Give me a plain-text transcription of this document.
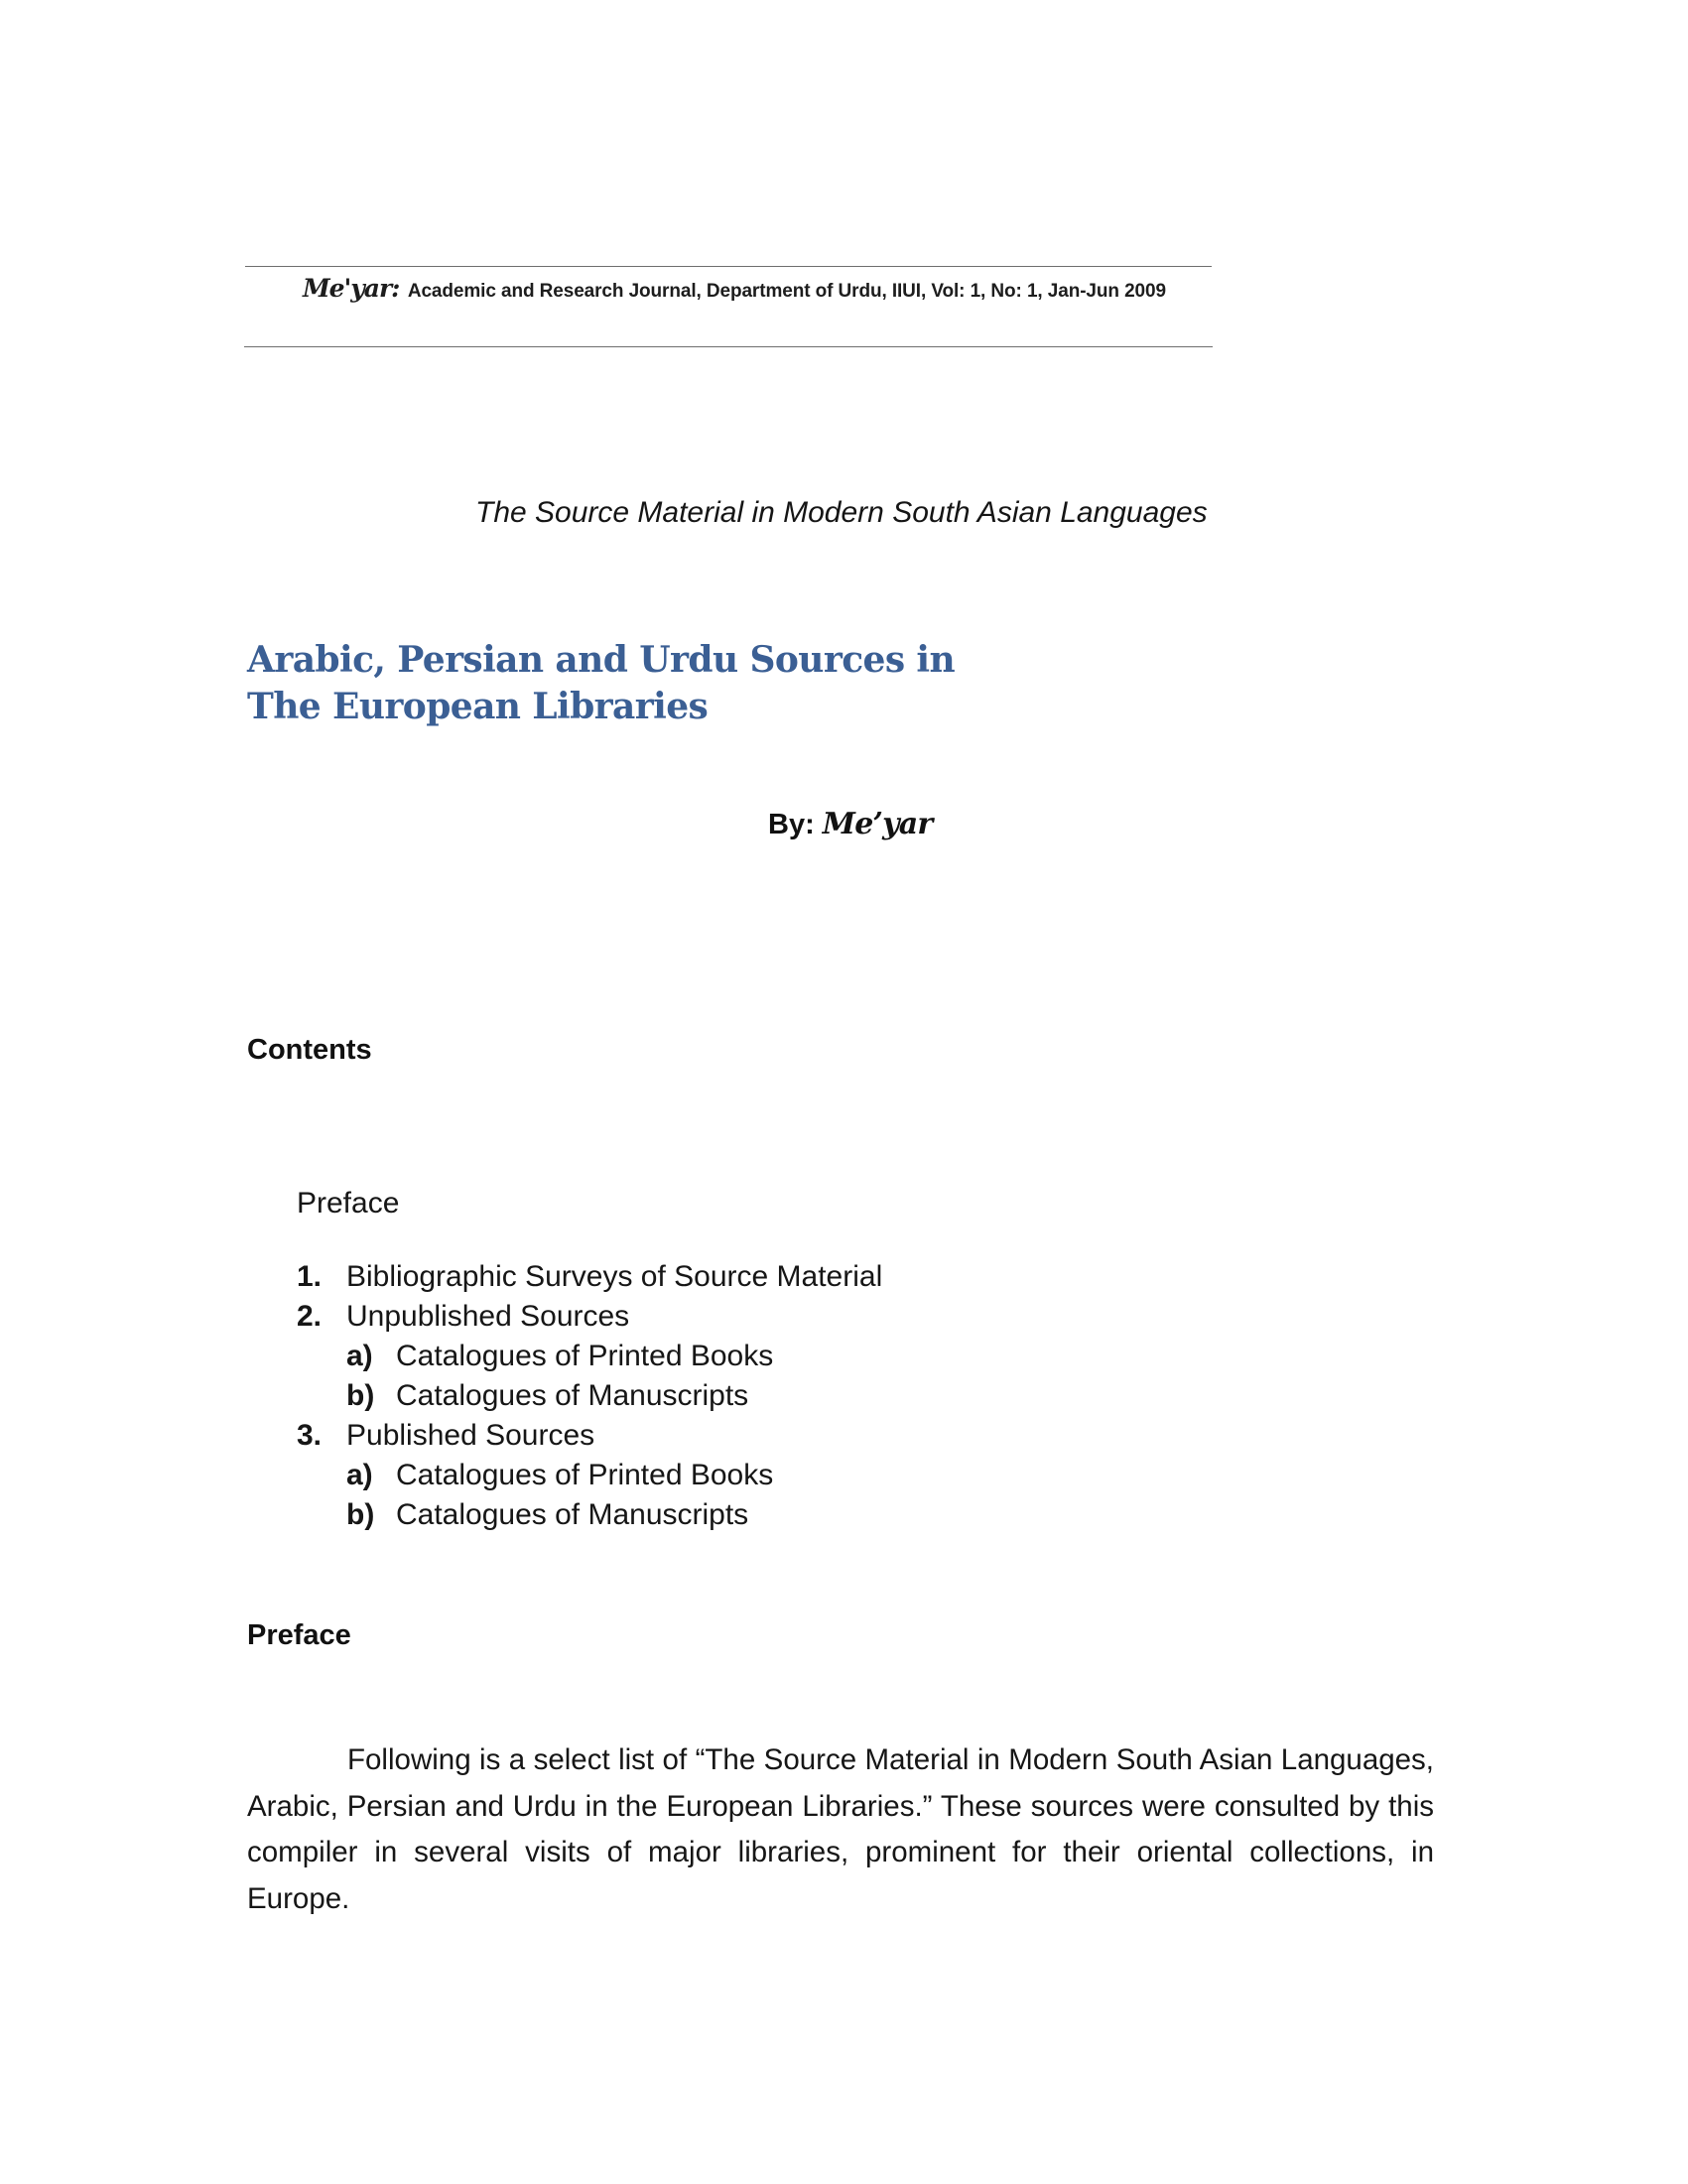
Me'yar: Academic and Research Journal, Department of Urdu, IIUI, Vol: 1, No: 1, Jan-Jun 2009
The Source Material in Modern South Asian Languages
Arabic, Persian and Urdu Sources in
The European Libraries
By: Me’yar
Contents
Preface
1. Bibliographic Surveys of Source Material
2. Unpublished Sources
a) Catalogues of Printed Books
b) Catalogues of Manuscripts
3. Published Sources
a) Catalogues of Printed Books
b) Catalogues of Manuscripts
Preface

Following is a select list of “The Source Material in Modern South Asian Languages, Arabic, Persian and Urdu in the European Libraries.” These sources were consulted by this compiler in several visits of major libraries, prominent for their oriental collections, in Europe.
